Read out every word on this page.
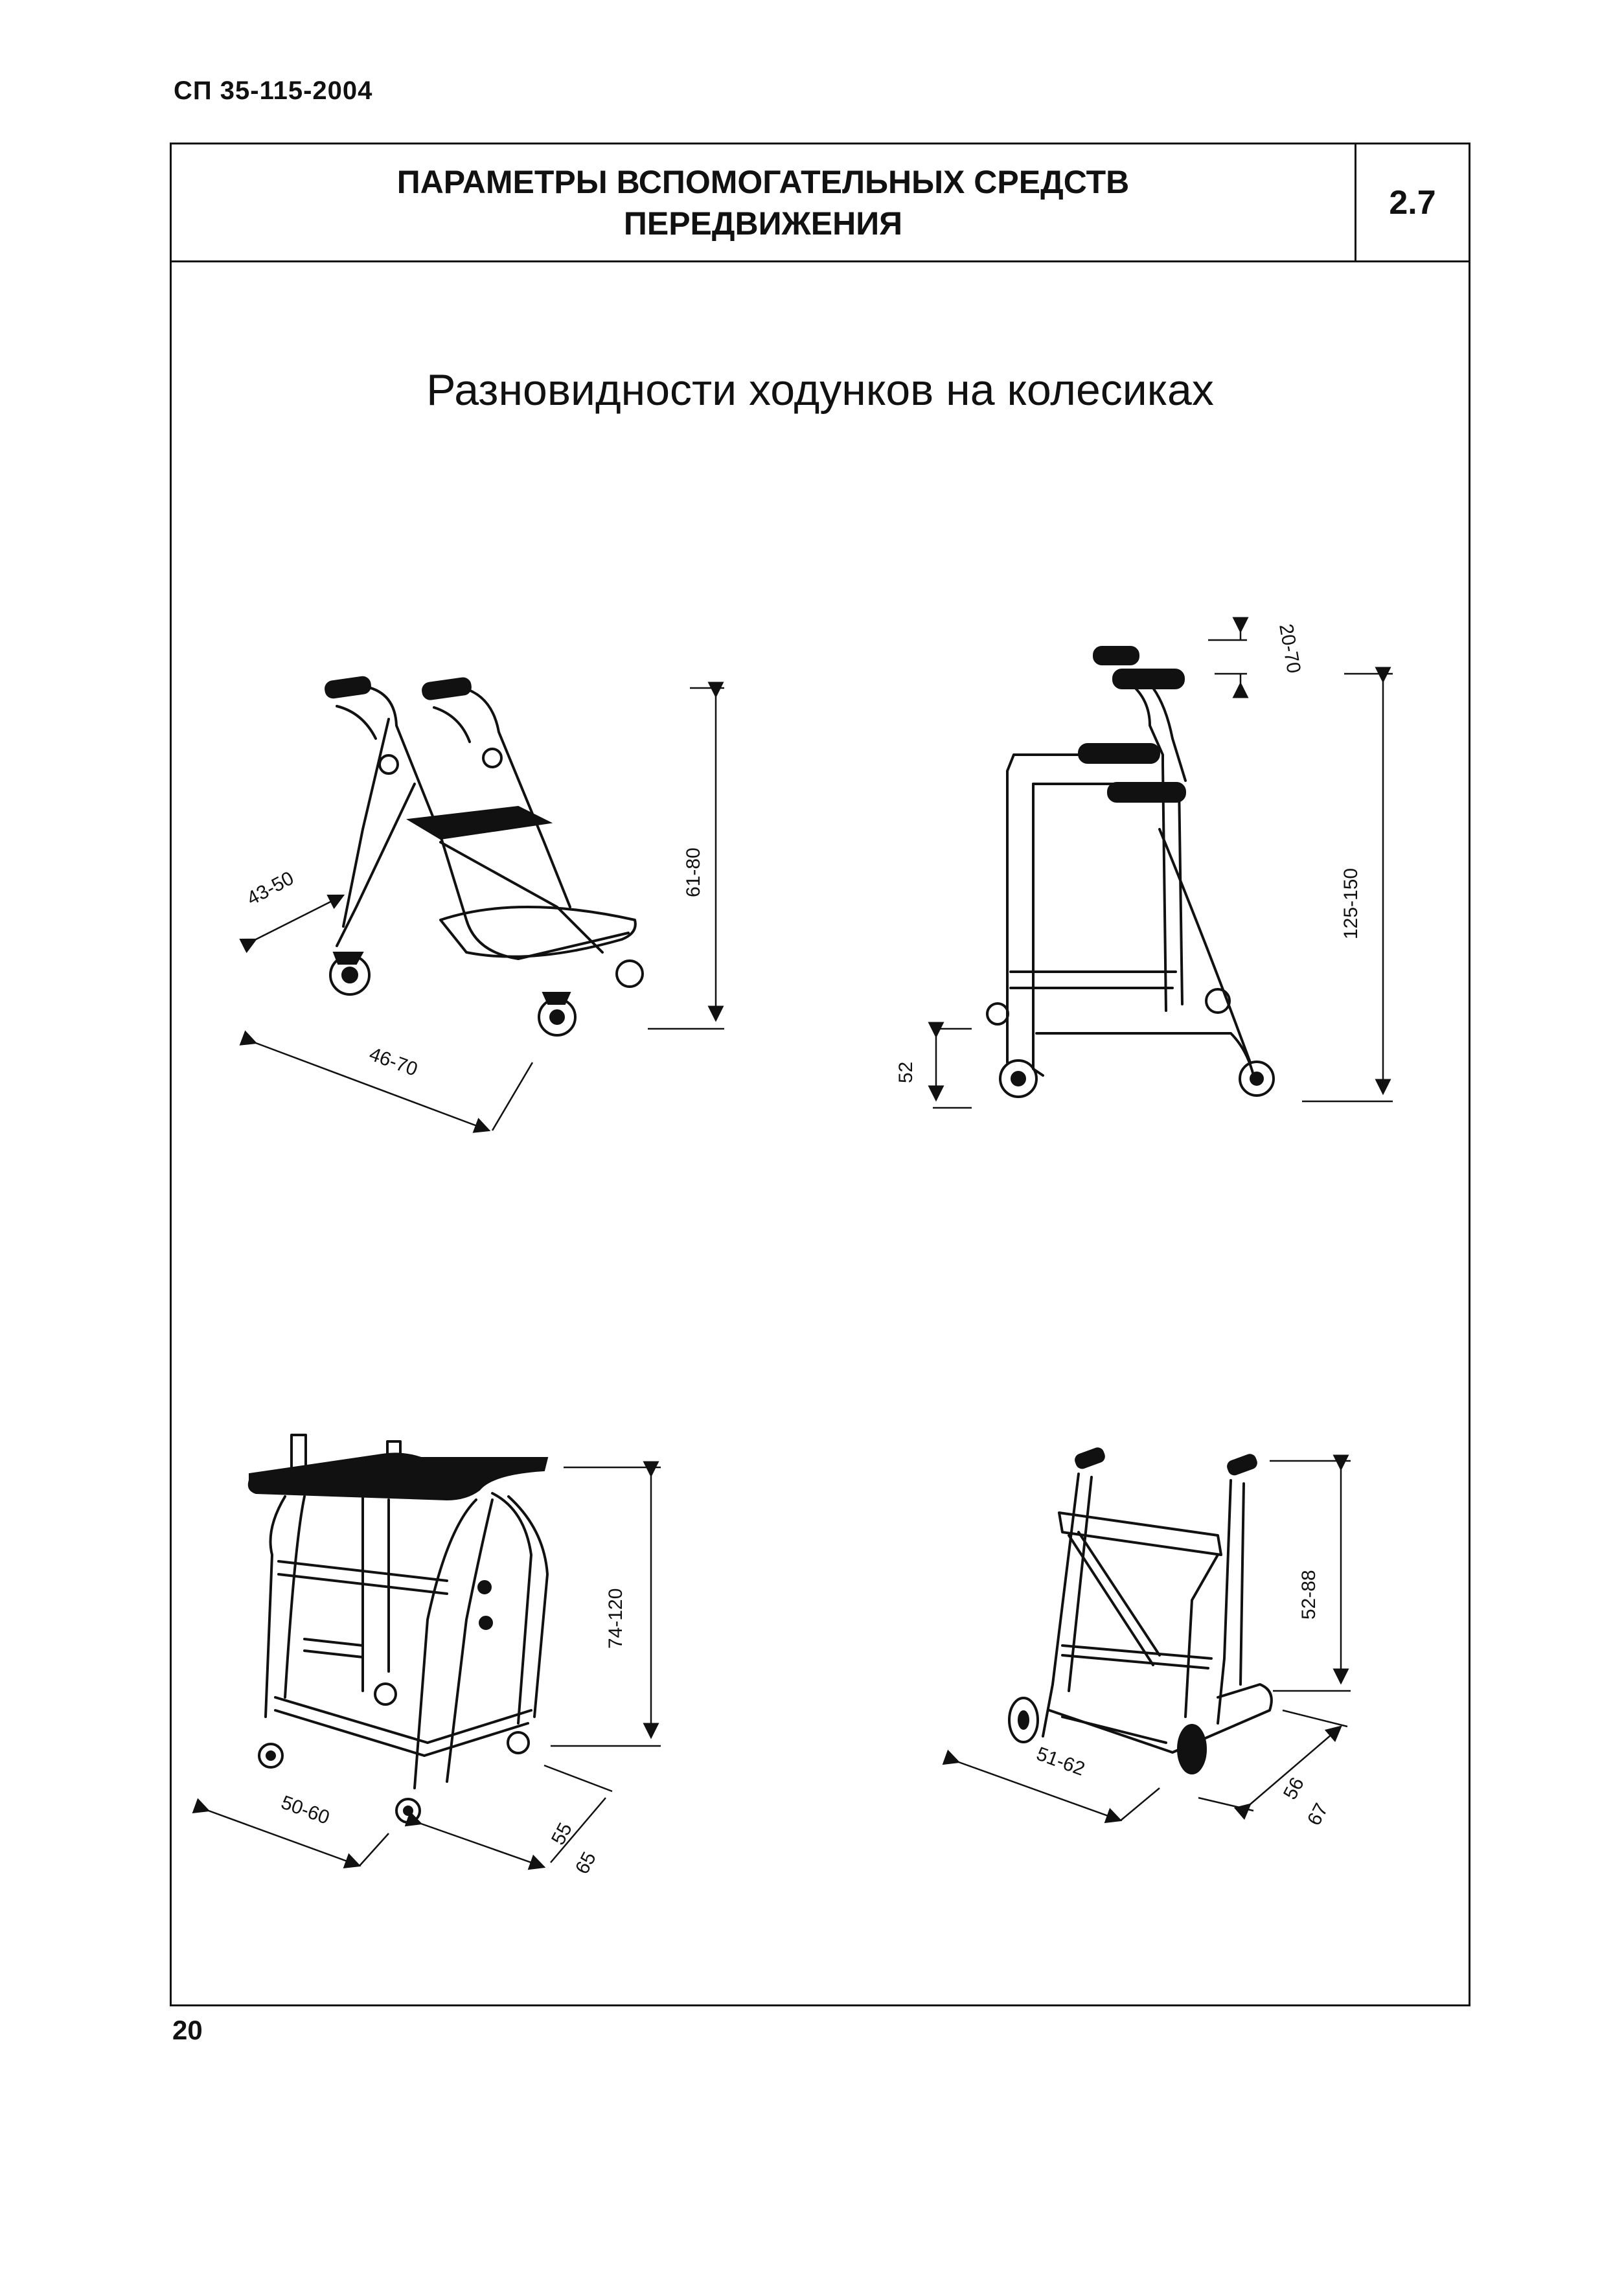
СП 35-115-2004
ПАРАМЕТРЫ ВСПОМОГАТЕЛЬНЫХ СРЕДСТВ
ПЕРЕДВИЖЕНИЯ
2.7
Разновидности ходунков на колесиках
43-50
46-70
61-80
20-70
125-150
52
50-60
55
65
74-120
51-62
56
67
52-88
20
